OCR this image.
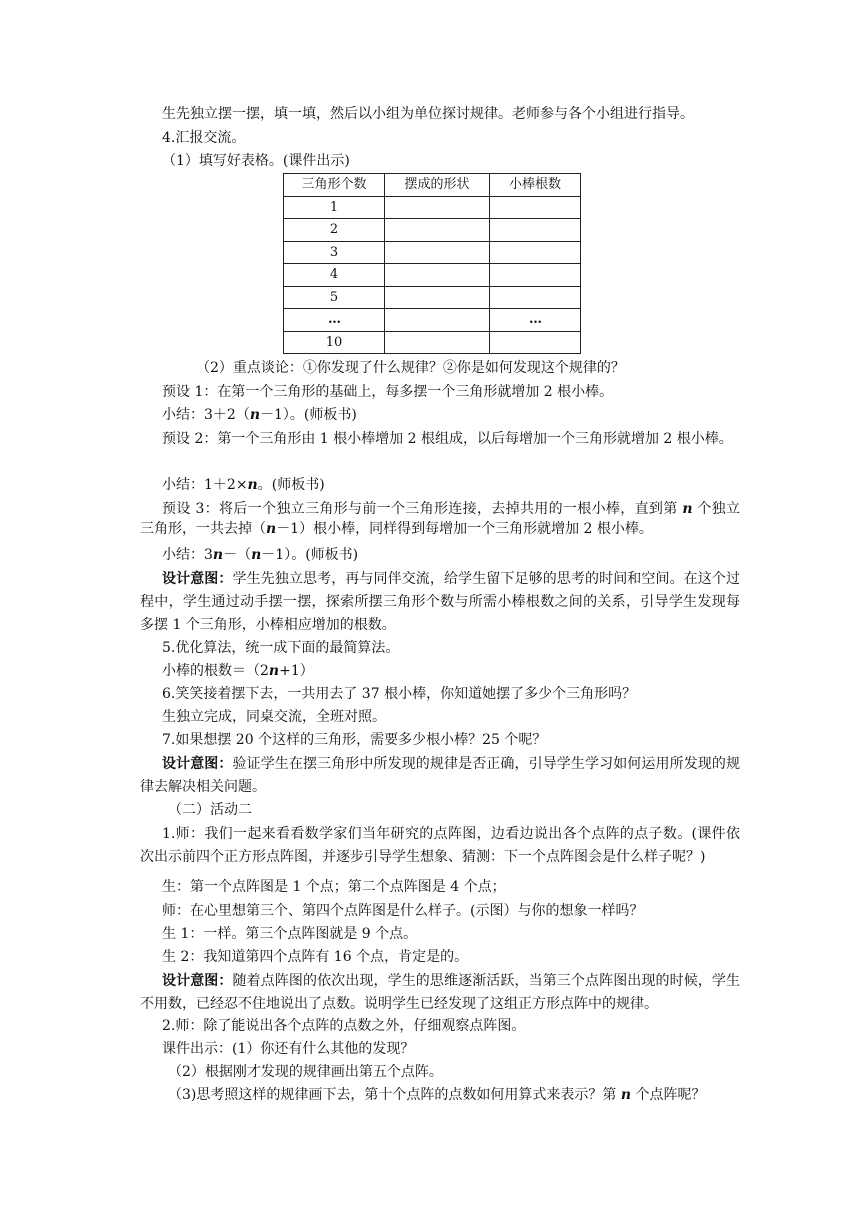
生先独立摆一摆，填一填，然后以小组为单位探讨规律。老师参与各个小组进行指导。
4.汇报交流。
（1）填写好表格。(课件出示)
三角形个数	摆成的形状	小棒根数
1		
2		
3		
4		
5		
…		…
10		
（2）重点谈论：①你发现了什么规律？②你是如何发现这个规律的？
预设 1：在第一个三角形的基础上，每多摆一个三角形就增加 2 根小棒。
小结：3＋2（n－1）。(师板书)
预设 2：第一个三角形由 1 根小棒增加 2 根组成，以后每增加一个三角形就增加 2 根小棒。
小结：1＋2×n。(师板书)
预设 3：将后一个独立三角形与前一个三角形连接，去掉共用的一根小棒，直到第 n 个独立三角形，一共去掉（n－1）根小棒，同样得到每增加一个三角形就增加 2 根小棒。
小结：3n－（n－1）。(师板书)
设计意图：学生先独立思考，再与同伴交流，给学生留下足够的思考的时间和空间。在这个过程中，学生通过动手摆一摆，探索所摆三角形个数与所需小棒根数之间的关系，引导学生发现每多摆 1 个三角形，小棒相应增加的根数。
5.优化算法，统一成下面的最简算法。
小棒的根数＝（2n+1）
6.笑笑接着摆下去，一共用去了 37 根小棒，你知道她摆了多少个三角形吗？
生独立完成，同桌交流，全班对照。
7.如果想摆 20 个这样的三角形，需要多少根小棒？25 个呢？
设计意图：验证学生在摆三角形中所发现的规律是否正确，引导学生学习如何运用所发现的规律去解决相关问题。
（二）活动二
1.师：我们一起来看看数学家们当年研究的点阵图，边看边说出各个点阵的点子数。(课件依次出示前四个正方形点阵图，并逐步引导学生想象、猜测：下一个点阵图会是什么样子呢？)
生：第一个点阵图是 1 个点；第二个点阵图是 4 个点；
师：在心里想第三个、第四个点阵图是什么样子。(示图）与你的想象一样吗？
生 1：一样。第三个点阵图就是 9 个点。
生 2：我知道第四个点阵有 16 个点，肯定是的。
设计意图：随着点阵图的依次出现，学生的思维逐渐活跃，当第三个点阵图出现的时候，学生不用数，已经忍不住地说出了点数。说明学生已经发现了这组正方形点阵中的规律。
2.师：除了能说出各个点阵的点数之外，仔细观察点阵图。
课件出示：(1）你还有什么其他的发现？
（2）根据刚才发现的规律画出第五个点阵。
（3)思考照这样的规律画下去，第十个点阵的点数如何用算式来表示？第 n 个点阵呢？
